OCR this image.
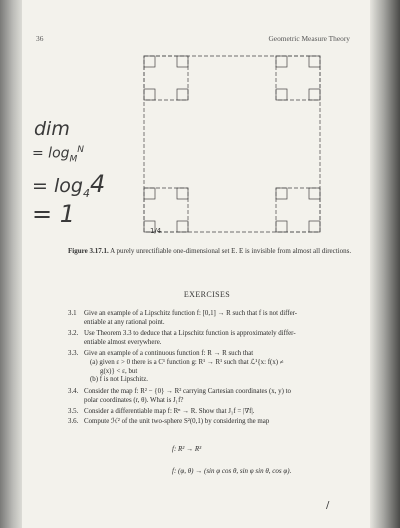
36	Geometric Measure Theory
dim
= $\log_M^N$
= $\log_44$
= 1
1/4
Figure 3.17.1. A purely unrectifiable one-dimensional set E. E is invisible from almost all directions.
EXERCISES
3.1	Give an example of a Lipschitz function f: [0,1] → R such that f is not differ-
entiable at any rational point.
3.2. Use Theorem 3.3 to deduce that a Lipschitz function is approximately differ-
entiable almost everywhere.
3.3. Give an example of a continuous function f: R → R such that
(a) given ε > 0 there is a C¹ function g: R¹ → R¹ such that ℒ¹{x: f(x) ≠
g(x)} < ε, but
(b) f is not Lipschitz.
3.4. Consider the map f: R² − {0} → R² carrying Cartesian coordinates (x, y) to
polar coordinates (r, θ). What is J₁f?
3.5. Consider a differentiable map f: Rⁿ → R. Show that J₁f = |∇f|.
3.6. Compute ℋ² of the unit two-sphere S²(0,1) by considering the map
f: R² → R³
f: (φ, θ) → (sin φ cos θ, sin φ sin θ, cos φ).
/
